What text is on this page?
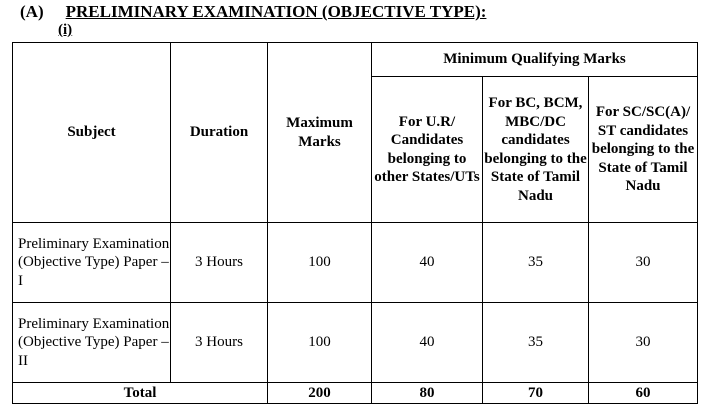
(A) PRELIMINARY EXAMINATION (OBJECTIVE TYPE):
(i)
Subject	Duration	Maximum Marks	Minimum Qualifying Marks		
			For U.R/ Candidates belonging to other States/UTs	For BC, BCM, MBC/DC candidates belonging to the State of Tamil Nadu	For SC/SC(A)/ ST candidates belonging to the State of Tamil Nadu
Preliminary Examination (Objective Type) Paper – I	3 Hours	100	40	35	30
Preliminary Examination (Objective Type) Paper – II	3 Hours	100	40	35	30
Total		200	80	70	60
